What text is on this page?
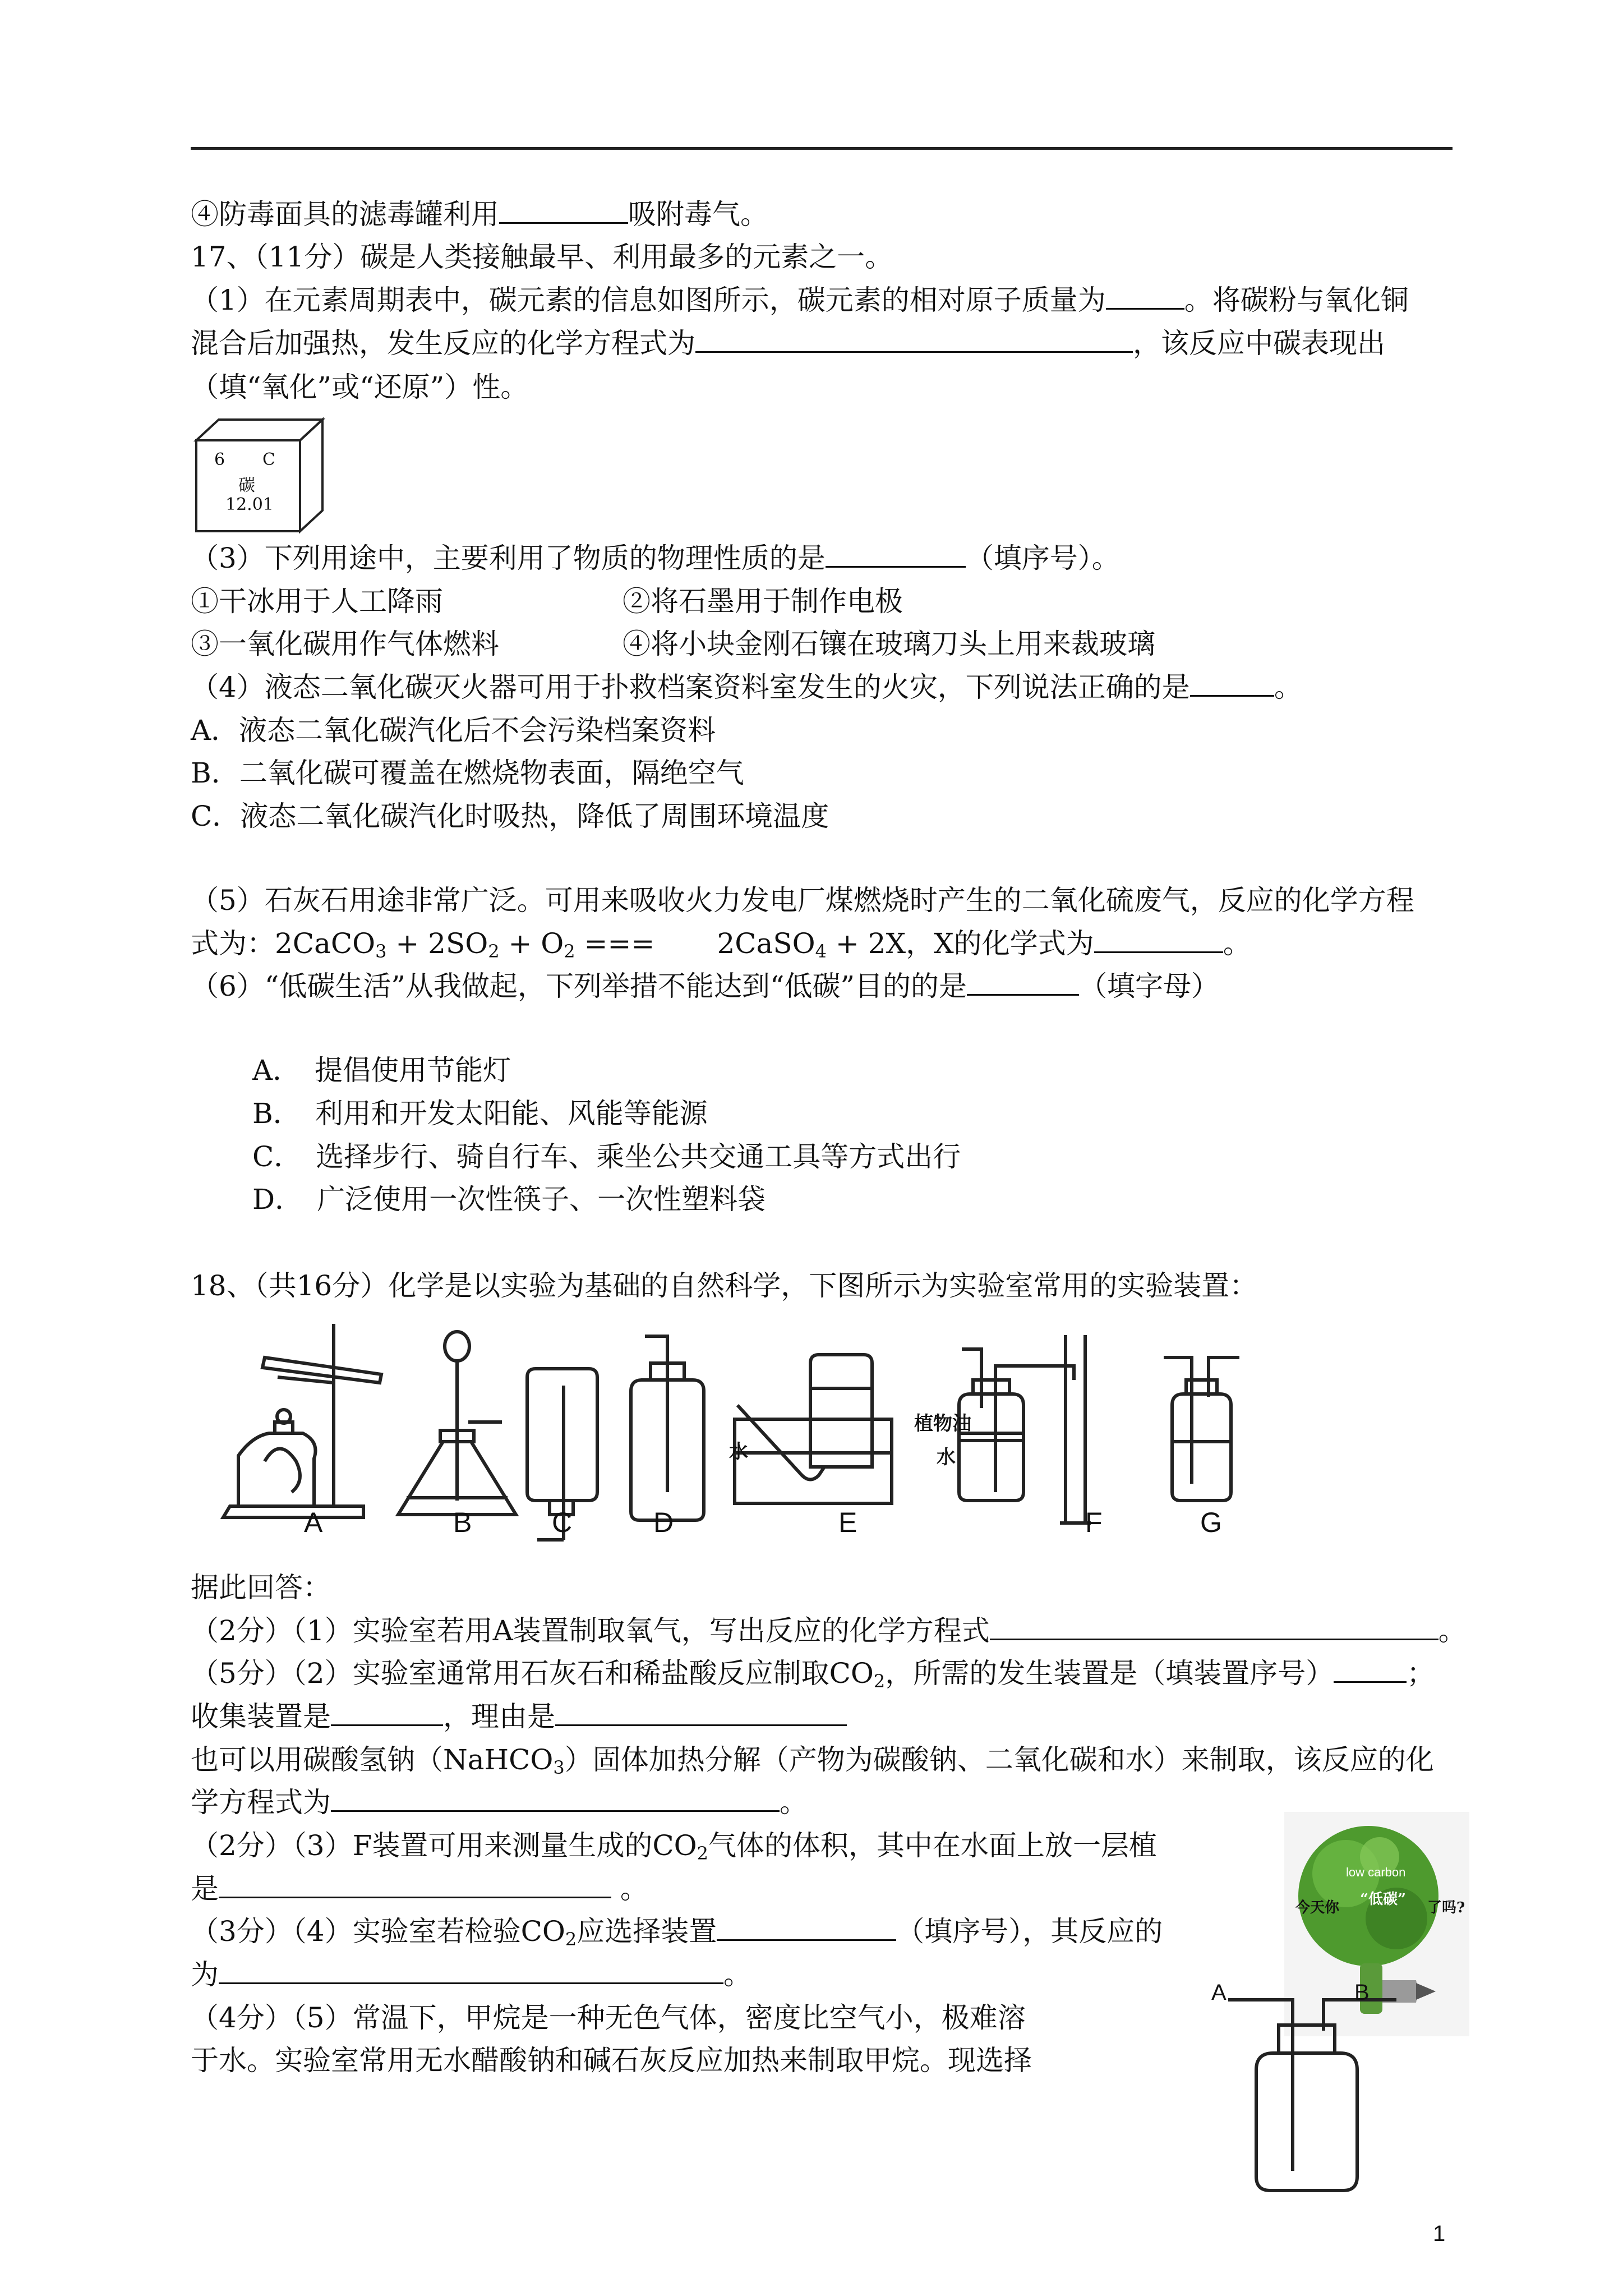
④防毒面具的滤毒罐利用	吸附毒气。
17、（11分）碳是人类接触最早、利用最多的元素之一。
（1）在元素周期表中，碳元素的信息如图所示，碳元素的相对原子质量为	。将碳粉与氧化铜
混合后加强热，发生反应的化学方程式为	，该反应中碳表现出
（填“氧化”或“还原”）性。
6 C
碳
12.01
（3）下列用途中，主要利用了物质的物理性质的是	（填序号）。
①干冰用于人工降雨	②将石墨用于制作电极
③一氧化碳用作气体燃料	④将小块金刚石镶在玻璃刀头上用来裁玻璃
（4）液态二氧化碳灭火器可用于扑救档案资料室发生的火灾，下列说法正确的是	。
A．液态二氧化碳汽化后不会污染档案资料
B．二氧化碳可覆盖在燃烧物表面，隔绝空气
C．液态二氧化碳汽化时吸热，降低了周围环境温度
（5）石灰石用途非常广泛。可用来吸收火力发电厂煤燃烧时产生的二氧化硫废气，反应的化学方程
式为：2CaCO$_3$ + $2SO_2 + O_2$ ===       2CaSO$_4$ + 2X，X的化学式为	。
（6）“低碳生活”从我做起，下列举措不能达到“低碳”目的的是	（填字母）
A．　提倡使用节能灯
B．　利用和开发太阳能、风能等能源
C．　选择步行、骑自行车、乘坐公共交通工具等方式出行
D．　广泛使用一次性筷子、一次性塑料袋
18、（共16分）化学是以实验为基础的自然科学，下图所示为实验室常用的实验装置：
A	B	C	D	E	F	G
水
植物油
水
据此回答：
（2分）（1）实验室若用A装置制取氧气，写出反应的化学方程式	。
（5分）（2）实验室通常用石灰石和稀盐酸反应制取$CO_2$，所需的发生装置是（填装置序号）	；
收集装置是	，理由是
也可以用碳酸氢钠（NaHCO$_3$）固体加热分解（产物为碳酸钠、二氧化碳和水）来制取，该反应的化
学方程式为	。
（2分）（3）F装置可用来测量生成的$CO_2$气体的体积，其中在水面上放一层植
是	。
（3分）（4）实验室若检验$CO_2$应选择装置	（填序号），其反应的
为	。
（4分）（5）常温下，甲烷是一种无色气体，密度比空气小，极难溶
于水。实验室常用无水醋酸钠和碱石灰反应加热来制取甲烷。现选择
low carbon
今天你 “低碳” 了吗?
A	B
1
